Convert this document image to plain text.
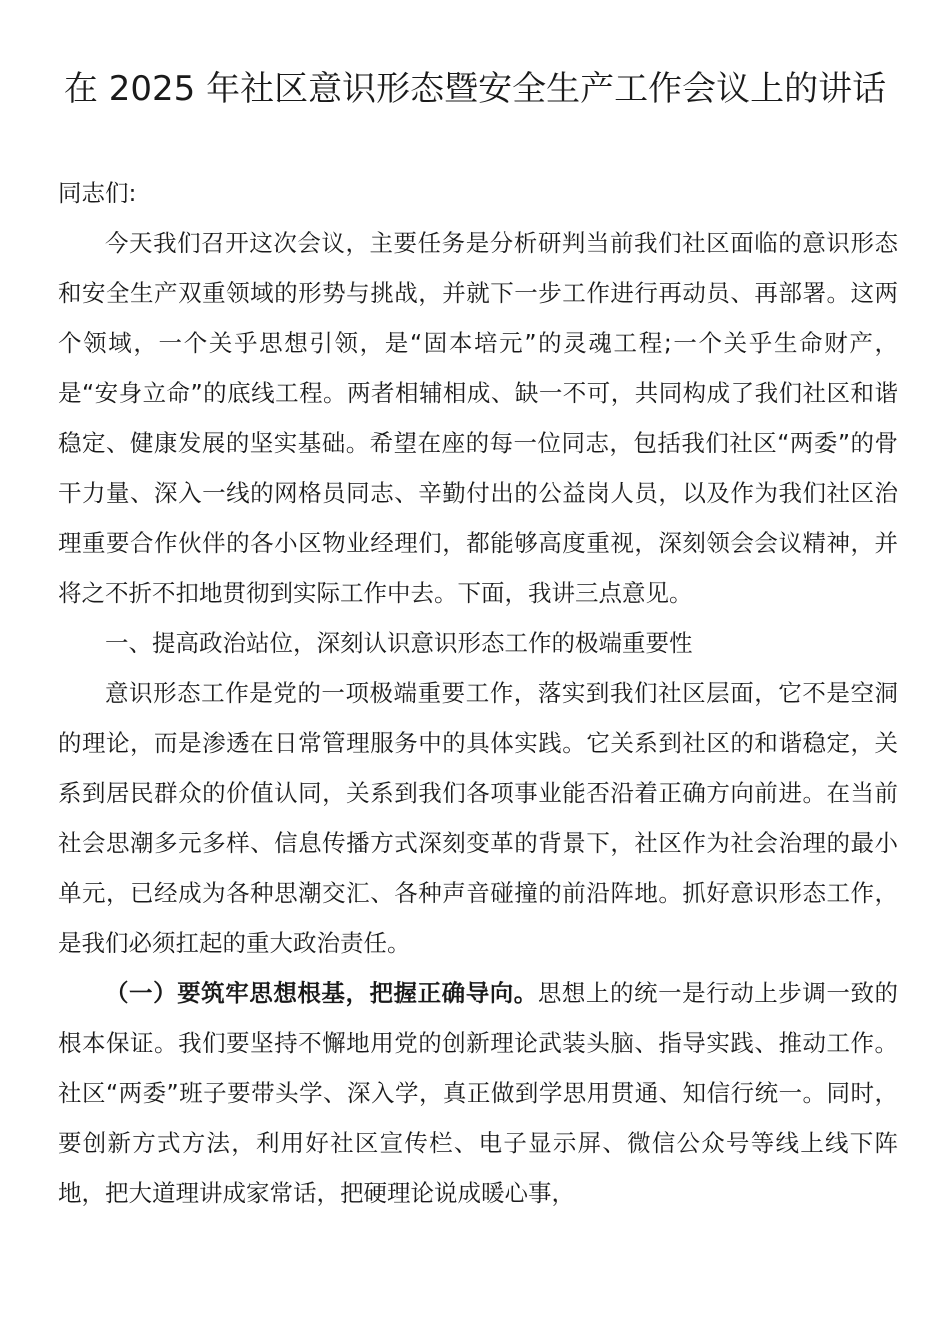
在 2025 年社区意识形态暨安全生产工作会议上的讲话

同志们:

今天我们召开这次会议，主要任务是分析研判当前我们社区面临的意识形态和安全生产双重领域的形势与挑战，并就下一步工作进行再动员、再部署。这两个领域，一个关乎思想引领，是“固本培元”的灵魂工程;一个关乎生命财产，是“安身立命”的底线工程。两者相辅相成、缺一不可，共同构成了我们社区和谐稳定、健康发展的坚实基础。希望在座的每一位同志，包括我们社区“两委”的骨干力量、深入一线的网格员同志、辛勤付出的公益岗人员，以及作为我们社区治理重要合作伙伴的各小区物业经理们，都能够高度重视，深刻领会会议精神，并将之不折不扣地贯彻到实际工作中去。下面，我讲三点意见。

一、提高政治站位，深刻认识意识形态工作的极端重要性

意识形态工作是党的一项极端重要工作，落实到我们社区层面，它不是空洞的理论，而是渗透在日常管理服务中的具体实践。它关系到社区的和谐稳定，关系到居民群众的价值认同，关系到我们各项事业能否沿着正确方向前进。在当前社会思潮多元多样、信息传播方式深刻变革的背景下，社区作为社会治理的最小单元，已经成为各种思潮交汇、各种声音碰撞的前沿阵地。抓好意识形态工作，是我们必须扛起的重大政治责任。

（一）要筑牢思想根基，把握正确导向。思想上的统一是行动上步调一致的根本保证。我们要坚持不懈地用党的创新理论武装头脑、指导实践、推动工作。社区“两委”班子要带头学、深入学，真正做到学思用贯通、知信行统一。同时，要创新方式方法，利用好社区宣传栏、电子显示屏、微信公众号等线上线下阵地，把大道理讲成家常话，把硬理论说成暖心事，
